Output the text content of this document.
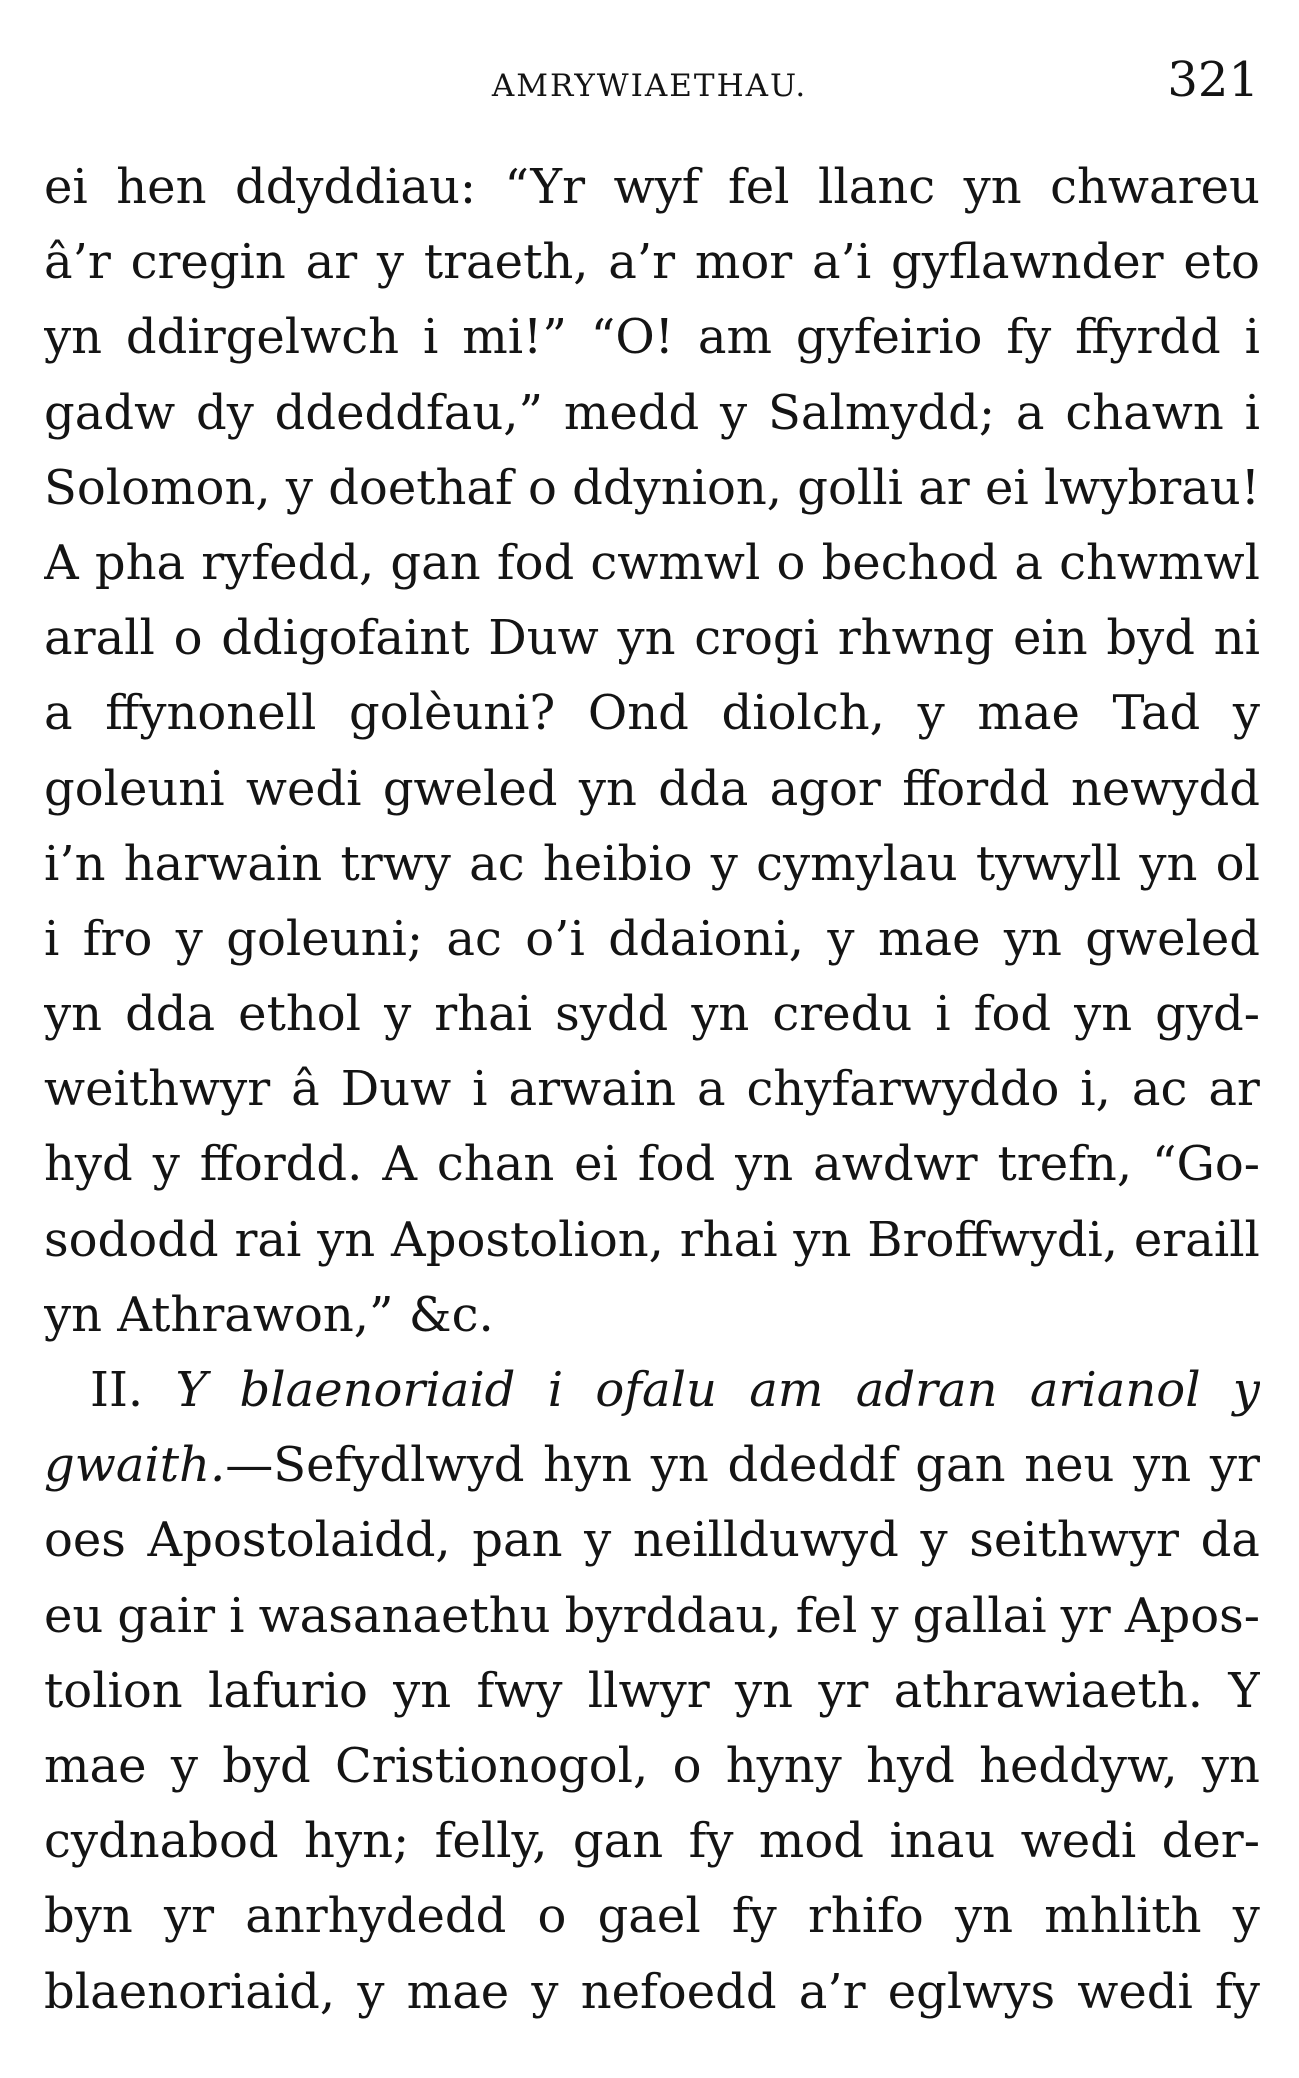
AMRYWIAETHAU.	321
ei hen ddyddiau: “Yr wyf fel llanc yn chwareu
â’r cregin ar y traeth, a’r mor a’i gyflawnder eto
yn ddirgelwch i mi!” “O! am gyfeirio fy ffyrdd i
gadw dy ddeddfau,” medd y Salmydd; a chawn i
Solomon, y doethaf o ddynion, golli ar ei lwybrau!
A pha ryfedd, gan fod cwmwl o bechod a chwmwl
arall o ddigofaint Duw yn crogi rhwng ein byd ni
a ffynonell golèuni? Ond diolch, y mae Tad y
goleuni wedi gweled yn dda agor ffordd newydd
i’n harwain trwy ac heibio y cymylau tywyll yn ol
i fro y goleuni; ac o’i ddaioni, y mae yn gweled
yn dda ethol y rhai sydd yn credu i fod yn gyd-
weithwyr â Duw i arwain a chyfarwyddo i, ac ar
hyd y ffordd. A chan ei fod yn awdwr trefn, “Go-
sododd rai yn Apostolion, rhai yn Broffwydi, eraill
yn
Athrawon,”
&c.

II. Y blaenoriaid i ofalu am adran arianol y
gwaith.—Sefydlwyd hyn yn ddeddf gan neu yn yr
oes Apostolaidd, pan y neillduwyd y seithwyr da
eu gair i wasanaethu byrddau, fel y gallai yr Apos-
tolion lafurio yn fwy llwyr yn yr athrawiaeth. Y
mae y byd Cristionogol, o hyny hyd heddyw, yn
cydnabod hyn; felly, gan fy mod inau wedi der-
byn yr anrhydedd o gael fy rhifo yn mhlith y
blaenoriaid, y mae y nefoedd a’r eglwys wedi fy
